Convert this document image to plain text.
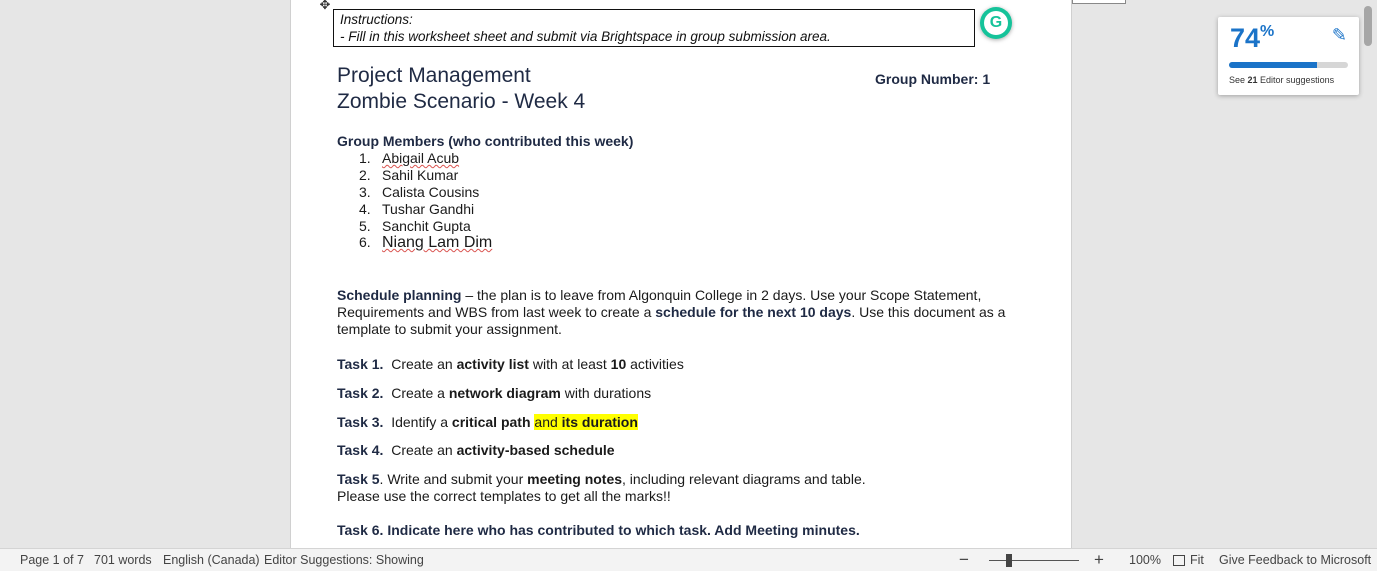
✥
Instructions:
- Fill in this worksheet sheet and submit via Brightspace in group submission area.
G
Project Management
Zombie Scenario - Week 4
Group Number: 1
Group Members (who contributed this week)
1. Abigail Acub
2. Sahil Kumar
3. Calista Cousins
4. Tushar Gandhi
5. Sanchit Gupta
6. Niang Lam Dim
Schedule planning – the plan is to leave from Algonquin College in 2 days. Use your Scope Statement, Requirements and WBS from last week to create a schedule for the next 10 days. Use this document as a template to submit your assignment.
Task 1. Create an activity list with at least 10 activities
Task 2. Create a network diagram with durations
Task 3. Identify a critical path and its duration
Task 4. Create an activity-based schedule
Task 5. Write and submit your meeting notes, including relevant diagrams and table.
Please use the correct templates to get all the marks!!
Task 6. Indicate here who has contributed to which task. Add Meeting minutes.
74%	✎
See 21 Editor suggestions
Page 1 of 7 701 words English (Canada) Editor Suggestions: Showing	−	+ 100% Fit Give Feedback to Microsoft
